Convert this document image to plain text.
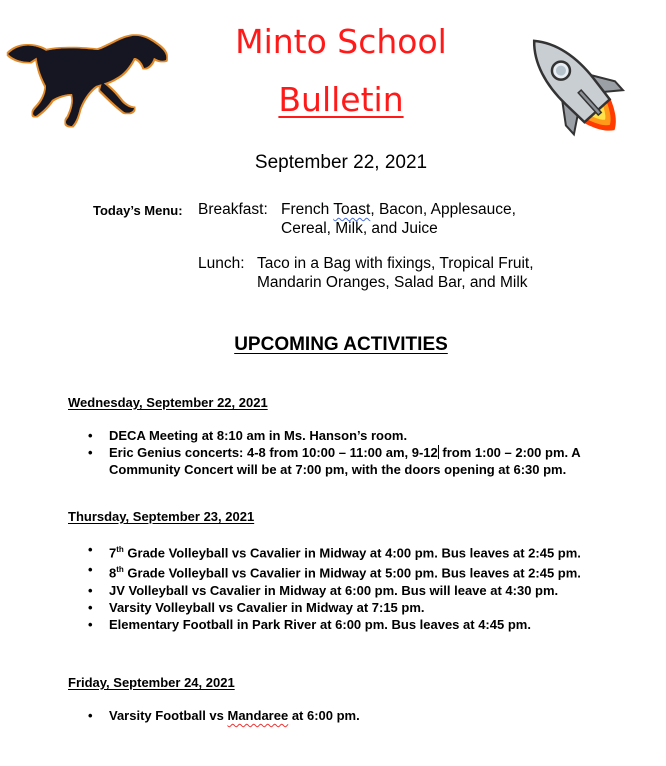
Minto School
Bulletin
September 22, 2021
Today’s Menu: Breakfast: French Toast, Bacon, Applesauce,
Cereal, Milk, and Juice
Lunch: Taco in a Bag with fixings, Tropical Fruit,
Mandarin Oranges, Salad Bar, and Milk
UPCOMING ACTIVITIES
Wednesday, September 22, 2021
• DECA Meeting at 8:10 am in Ms. Hanson’s room.
• Eric Genius concerts: 4-8 from 10:00 – 11:00 am, 9-12 from 1:00 – 2:00 pm. A Community Concert will be at 7:00 pm, with the doors opening at 6:30 pm.
Thursday, September 23, 2021
• 7th Grade Volleyball vs Cavalier in Midway at 4:00 pm. Bus leaves at 2:45 pm.
• 8th Grade Volleyball vs Cavalier in Midway at 5:00 pm. Bus leaves at 2:45 pm.
• JV Volleyball vs Cavalier in Midway at 6:00 pm. Bus will leave at 4:30 pm.
• Varsity Volleyball vs Cavalier in Midway at 7:15 pm.
• Elementary Football in Park River at 6:00 pm. Bus leaves at 4:45 pm.
Friday, September 24, 2021
• Varsity Football vs Mandaree at 6:00 pm.
